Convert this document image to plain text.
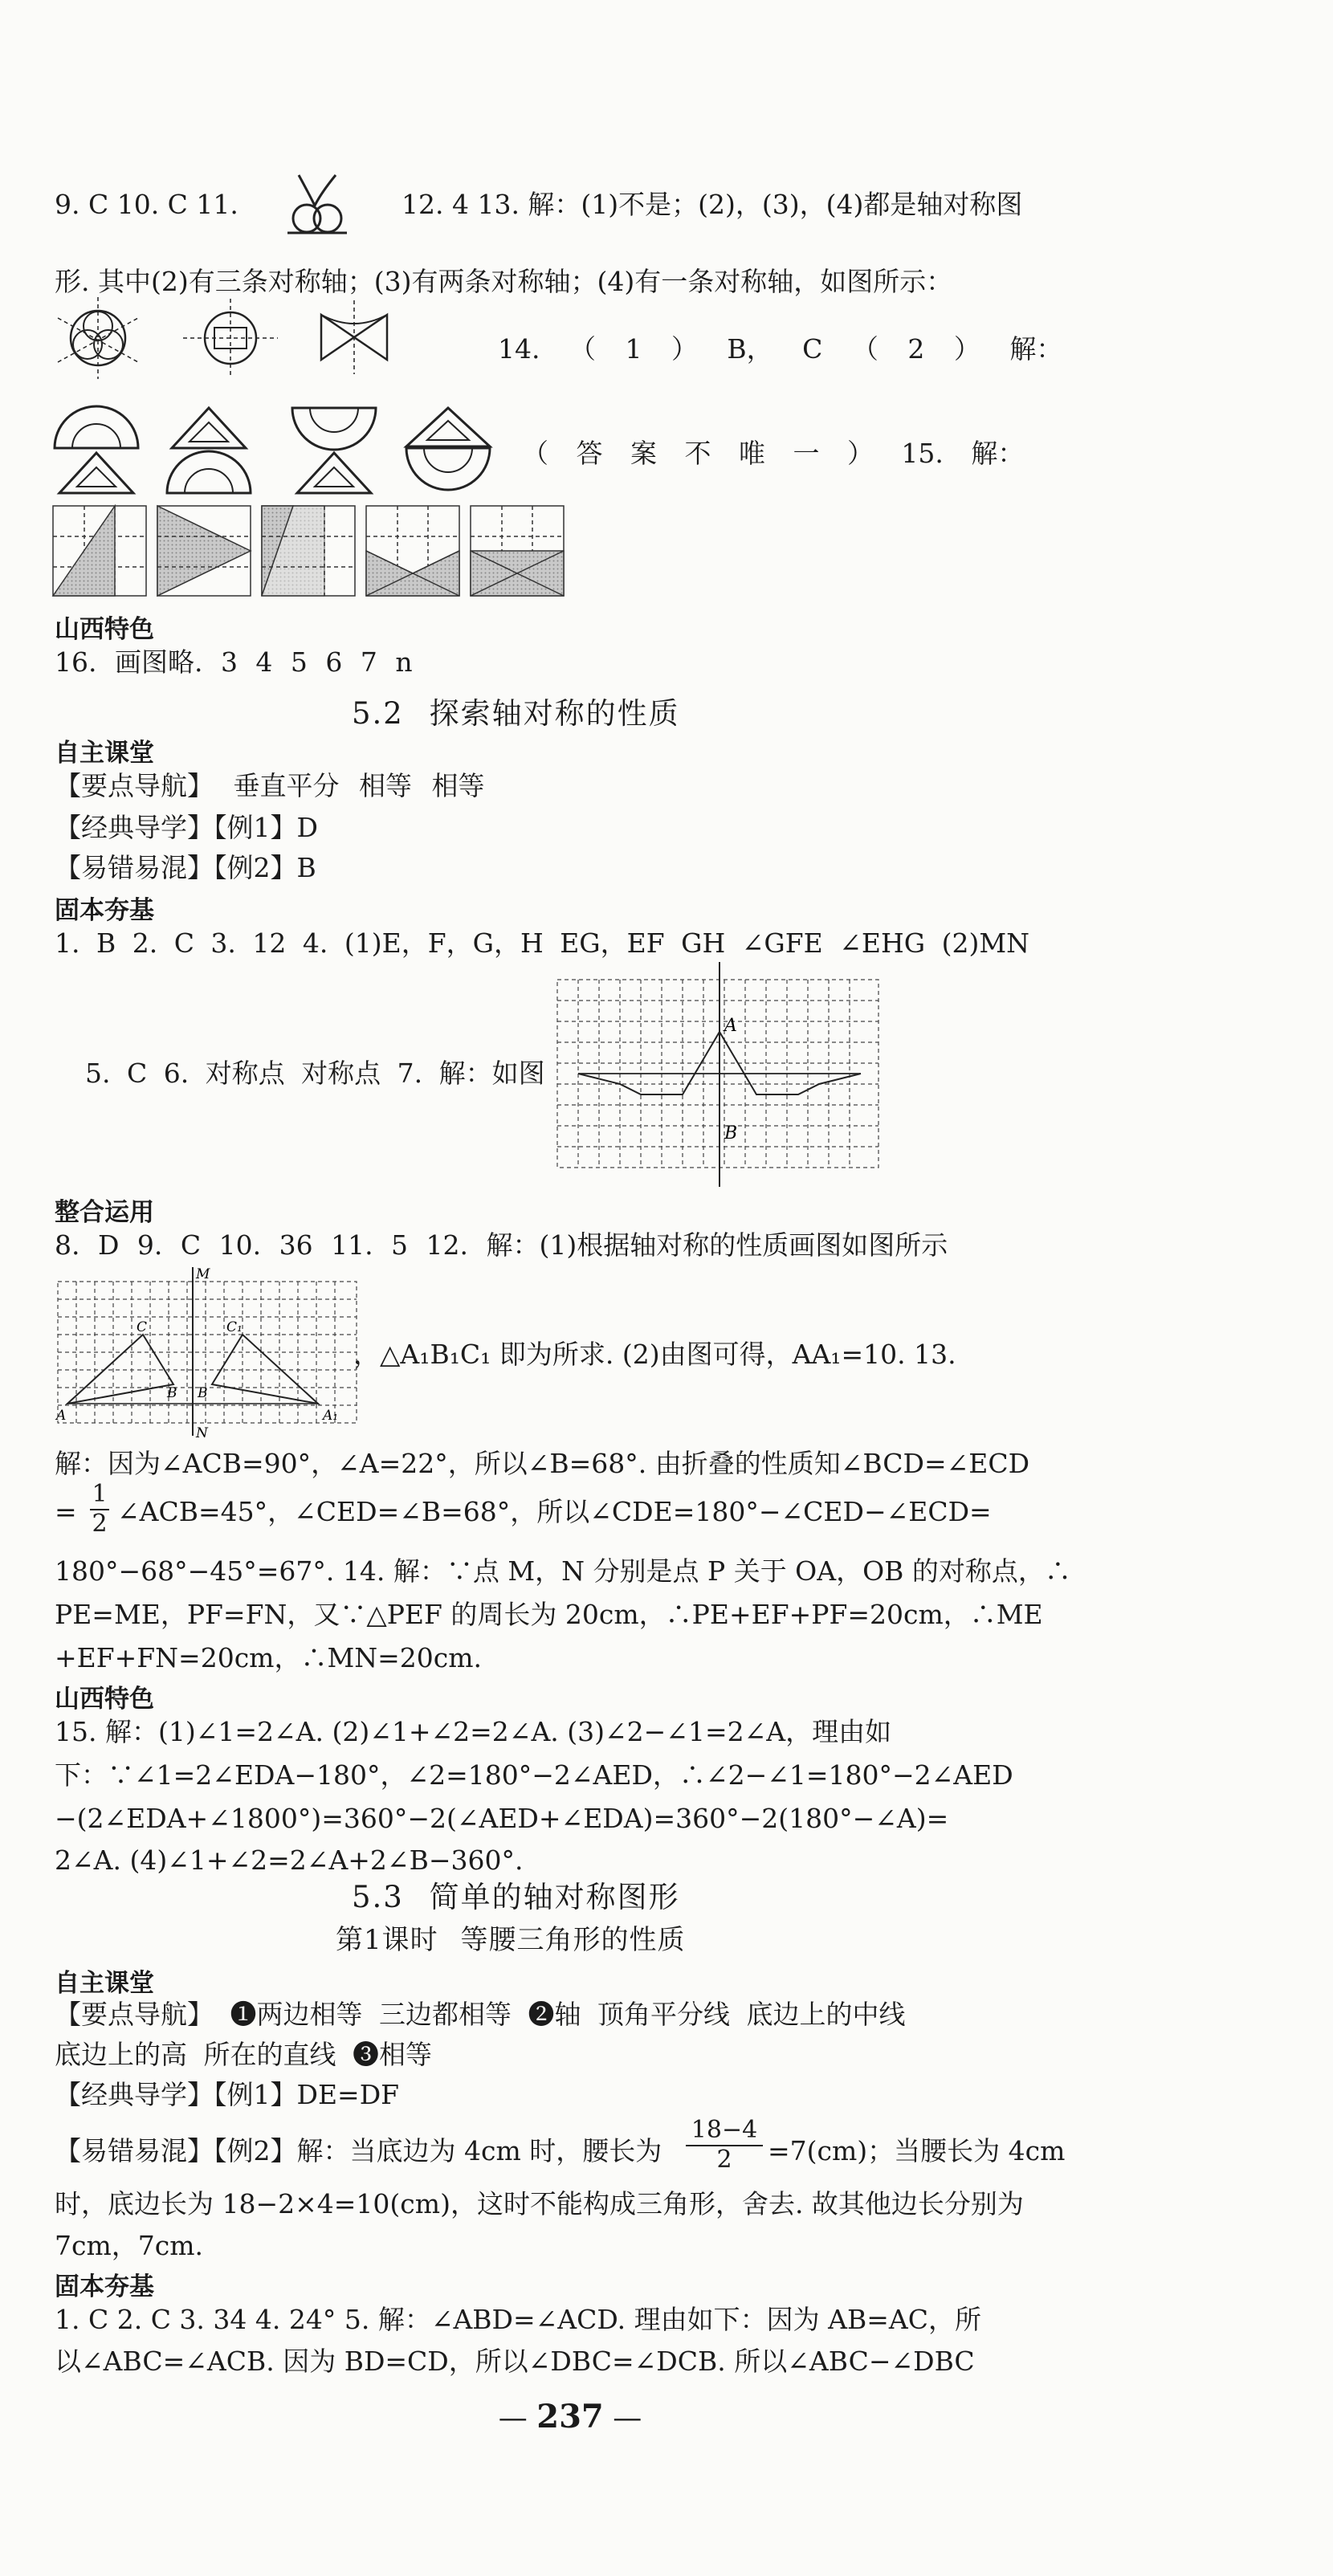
9. C 10. C 11.	12. 4 13. 解：(1)不是；(2)，(3)，(4)都是轴对称图
形. 其中(2)有三条对称轴；(3)有两条对称轴；(4)有一条对称轴，如图所示：
14. （ 1 ） B， C （ 2 ） 解：
（ 答 案 不 唯 一 ） 15. 解：
山西特色
16. 画图略. 3 4 5 6 7 n
5.2 探索轴对称的性质
自主课堂
【要点导航】 垂直平分 相等 相等
【经典导学】【例1】D
【易错易混】【例2】B
固本夯基
1. B 2. C 3. 12 4. (1)E，F，G，H EG，EF GH ∠GFE ∠EHG (2)MN
A
B
5. C 6. 对称点 对称点 7. 解：如图
整合运用
8. D 9. C 10. 36 11. 5 12. 解：(1)根据轴对称的性质画图如图所示
M
N
C	C₁
A	A₁
B B
，△A₁B₁C₁ 即为所求. (2)由图可得，AA₁=10. 13.
解：因为∠ACB=90°，∠A=22°，所以∠B=68°. 由折叠的性质知∠BCD=∠ECD
=
1
2 ∠ACB=45°，∠CED=∠B=68°，所以∠CDE=180°−∠CED−∠ECD=
180°−68°−45°=67°. 14. 解：∵点 M，N 分别是点 P 关于 OA，OB 的对称点，∴
PE=ME，PF=FN，又∵△PEF 的周长为 20cm，∴PE+EF+PF=20cm，∴ME
+EF+FN=20cm，∴MN=20cm.
山西特色
15. 解：(1)∠1=2∠A. (2)∠1+∠2=2∠A. (3)∠2−∠1=2∠A，理由如
下：∵∠1=2∠EDA−180°，∠2=180°−2∠AED，∴∠2−∠1=180°−2∠AED
−(2∠EDA+∠1800°)=360°−2(∠AED+∠EDA)=360°−2(180°−∠A)=
2∠A. (4)∠1+∠2=2∠A+2∠B−360°.
5.3 简单的轴对称图形
第1课时 等腰三角形的性质
自主课堂
【要点导航】 ❶两边相等 三边都相等 ❷轴 顶角平分线 底边上的中线
底边上的高 所在的直线 ❸相等
【经典导学】【例1】DE=DF
【易错易混】【例2】解：当底边为 4cm 时，腰长为
18−4
2	=7(cm)；当腰长为 4cm
时，底边长为 18−2×4=10(cm)，这时不能构成三角形，舍去. 故其他边长分别为
7cm，7cm.
固本夯基
1. C 2. C 3. 34 4. 24° 5. 解：∠ABD=∠ACD. 理由如下：因为 AB=AC，所
以∠ABC=∠ACB. 因为 BD=CD，所以∠DBC=∠DCB. 所以∠ABC−∠DBC
— 237 —
